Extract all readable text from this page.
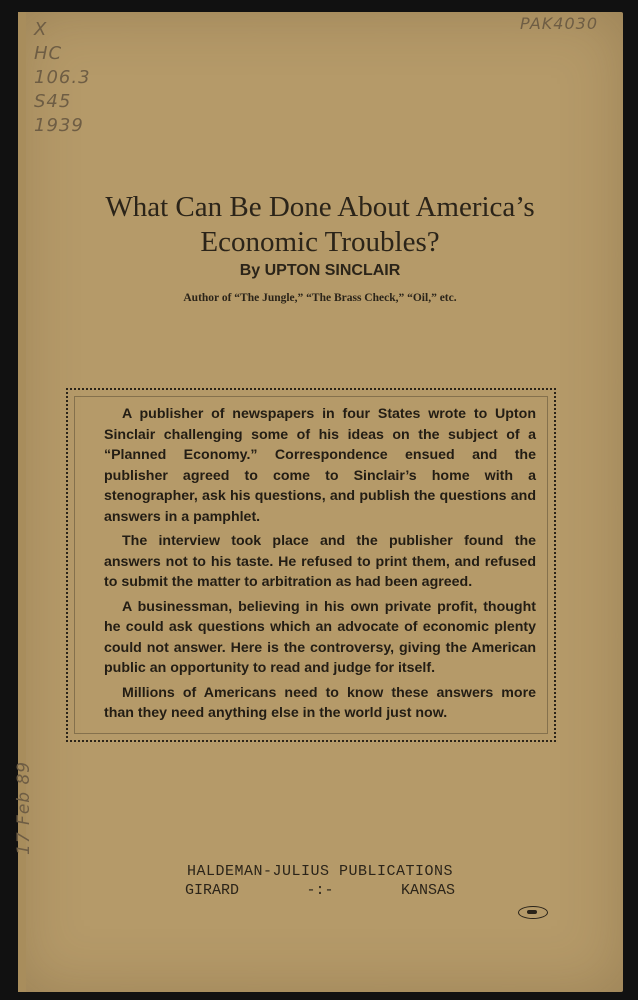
X
HC
106.3
S45
1939
PAK4030
17 Feb 89
What Can Be Done About America’s
Economic Troubles?
By UPTON SINCLAIR
Author of “The Jungle,” “The Brass Check,” “Oil,” etc.

A publisher of newspapers in four States wrote to Upton Sinclair challenging some of his ideas on the subject of a “Planned Economy.” Correspondence ensued and the publisher agreed to come to Sinclair’s home with a stenographer, ask his questions, and publish the questions and answers in a pamphlet.

The interview took place and the publisher found the answers not to his taste. He refused to print them, and refused to submit the matter to arbitration as had been agreed.

A businessman, believing in his own private profit, thought he could ask questions which an advocate of economic plenty could not answer. Here is the controversy, giving the American public an opportunity to read and judge for itself.

Millions of Americans need to know these answers more than they need anything else in the world just now.

HALDEMAN-JULIUS PUBLICATIONS
GIRARD	-:-	KANSAS
